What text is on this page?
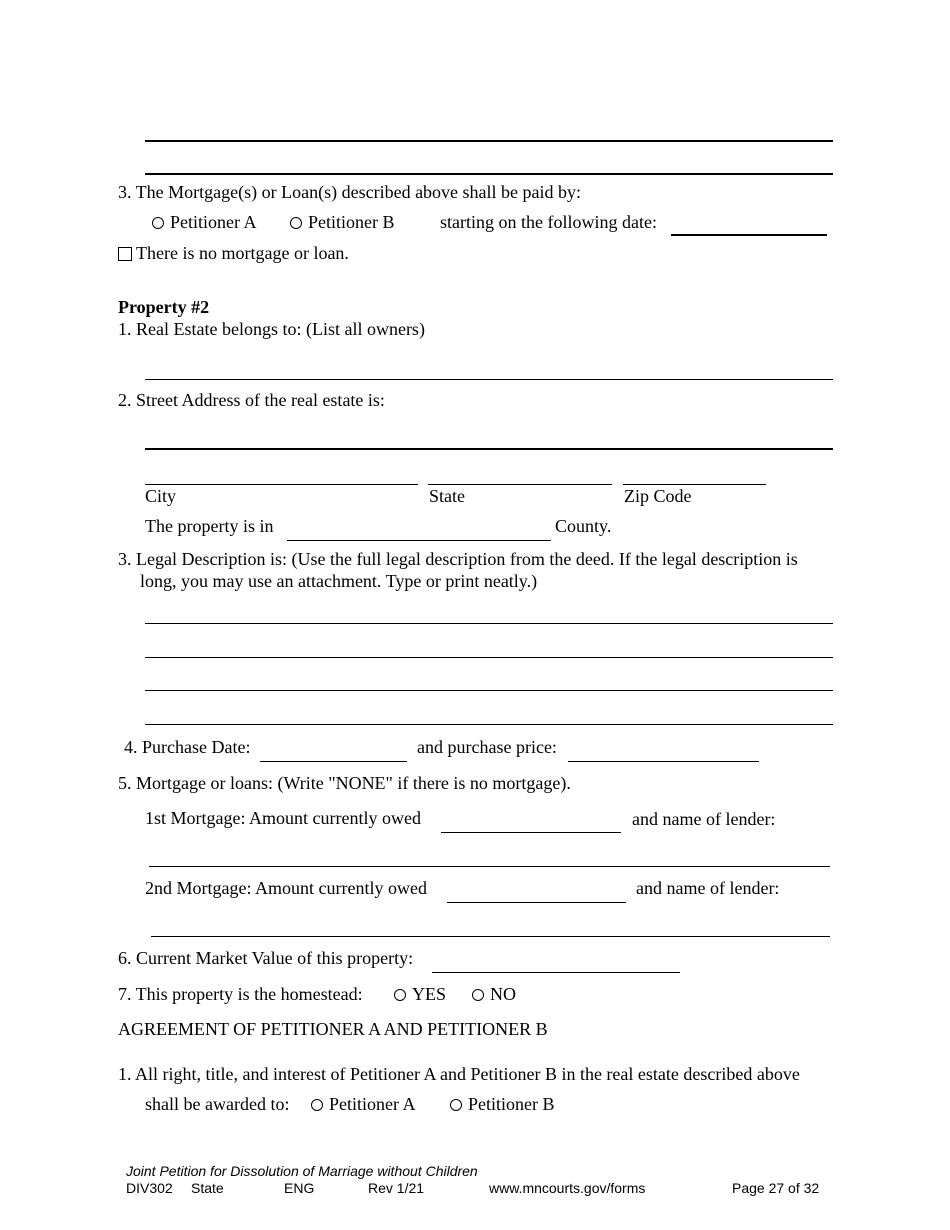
3. The Mortgage(s) or Loan(s) described above shall be paid by:
Petitioner A	Petitioner B	starting on the following date:
There is no mortgage or loan.
Property #2
1. Real Estate belongs to: (List all owners)
2. Street Address of the real estate is:
City	State	Zip Code
The property is in	County.
3. Legal Description is: (Use the full legal description from the deed. If the legal description is
long, you may use an attachment. Type or print neatly.)
4. Purchase Date:	and purchase price:
5. Mortgage or loans: (Write "NONE" if there is no mortgage).
1st Mortgage: Amount currently owed	and name of lender:
2nd Mortgage: Amount currently owed	and name of lender:
6. Current Market Value of this property:
7. This property is the homestead:	YES	NO
AGREEMENT OF PETITIONER A AND PETITIONER B
1. All right, title, and interest of Petitioner A and Petitioner B in the real estate described above
shall be awarded to:	Petitioner A	Petitioner B
Joint Petition for Dissolution of Marriage without Children
DIV302 State	ENG	Rev 1/21	www.mncourts.gov/forms	Page 27 of 32
